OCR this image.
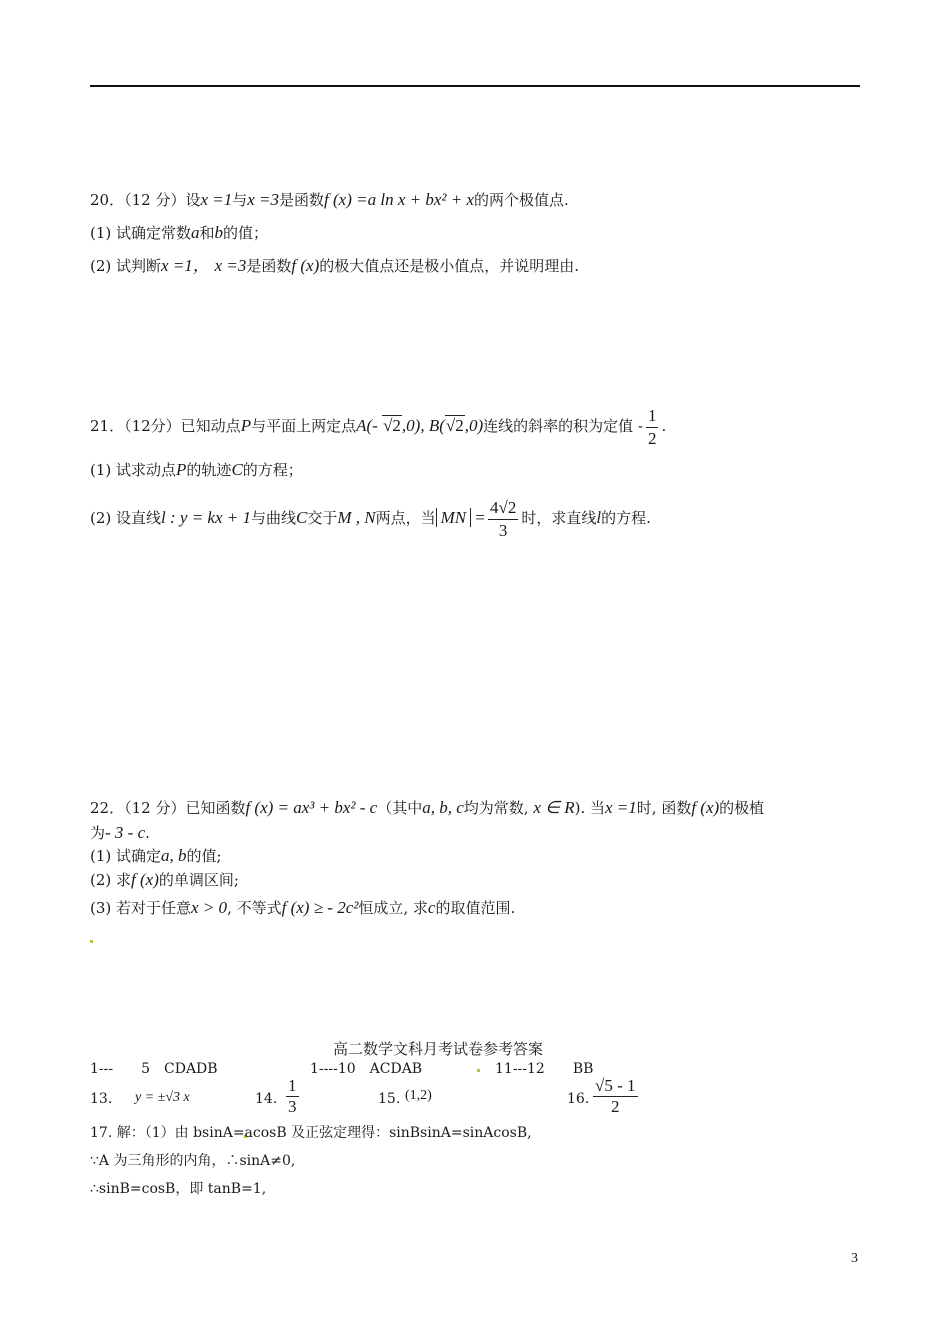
20．（12 分）设x =1与x =3是函数f (x) =a ln x + bx² + x的两个极值点.
(1) 试确定常数a和b的值；
(2) 试判断x =1， x =3是函数f (x)的极大值点还是极小值点，并说明理由.
21．（12分）已知动点P与平面上两定点A(- √2,0), B(√2,0)连线的斜率的积为定值 - $\frac{1}{2}$ .
(1) 试求动点P的轨迹C的方程；
(2) 设直线l : y = kx + 1与曲线C交于M , N两点，当 MN = $\frac{4√2}{3}$ 时，求直线l的方程.
22．（12 分）已知函数f (x) = ax³ + bx² - c（其中a, b, c均为常数, x ∈ R). 当x =1时, 函数f (x)的极植
为- 3 - c.
(1) 试确定a, b的值;
(2) 求f (x)的单调区间;
(3) 若对于任意x > 0, 不等式f (x) ≥ - 2c²恒成立, 求c的取值范围.
高二数学文科月考试卷参考答案
1---　　5　CDADB	1----10　ACDAB	11---12　　BB
13. y = ±√3 x	14. $\frac{1}{3}$	15. (1,2)	16. $\frac{√5 - 1}{2}$
17. 解：（1）由 bsinA=acosB 及正弦定理得：sinBsinA=sinAcosB,
∵A 为三角形的内角，∴sinA≠0,
∴sinB=cosB，即 tanB=1,
3
